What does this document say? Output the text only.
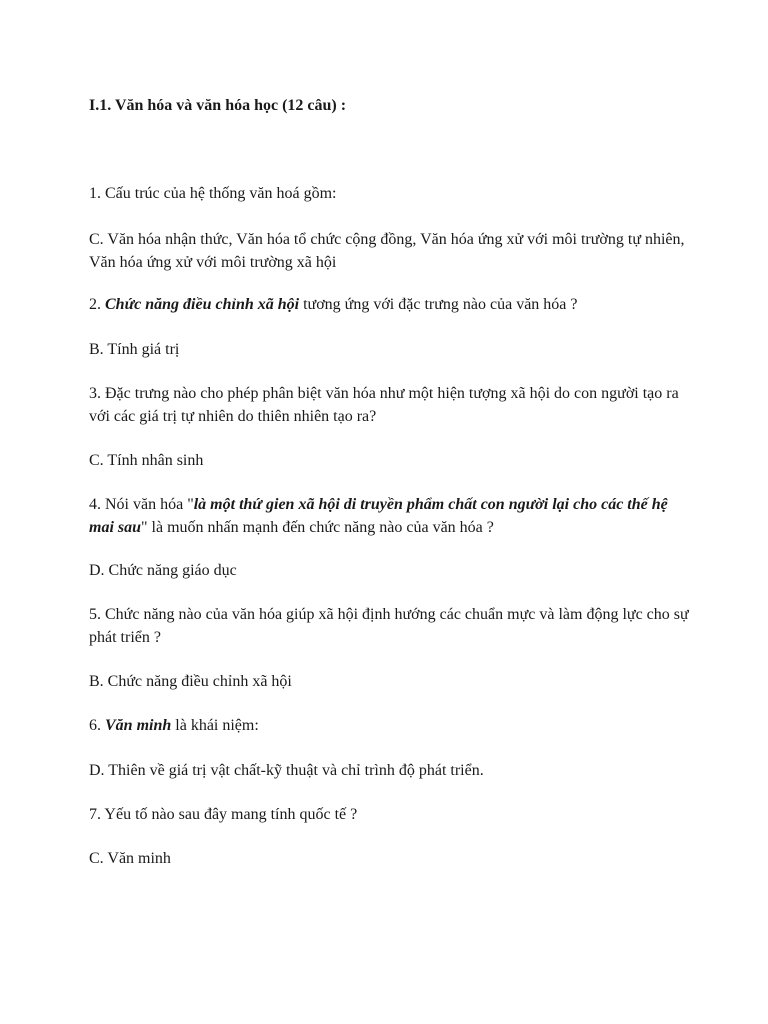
I.1. Văn hóa và văn hóa học (12 câu) :

1. Cấu trúc của hệ thống văn hoá gồm:

C. Văn hóa nhận thức, Văn hóa tổ chức cộng đồng, Văn hóa ứng xử với môi trường tự nhiên, Văn hóa ứng xử với môi trường xã hội

2. Chức năng điều chỉnh xã hội tương ứng với đặc trưng nào của văn hóa ?

B. Tính giá trị

3. Đặc trưng nào cho phép phân biệt văn hóa như một hiện tượng xã hội do con người tạo ra với các giá trị tự nhiên do thiên nhiên tạo ra?

C. Tính nhân sinh

4. Nói văn hóa "là một thứ gien xã hội di truyền phẩm chất con người lại cho các thế hệ mai sau" là muốn nhấn mạnh đến chức năng nào của văn hóa ?

D. Chức năng giáo dục

5. Chức năng nào của văn hóa giúp xã hội định hướng các chuẩn mực và làm động lực cho sự phát triển ?

B. Chức năng điều chỉnh xã hội

6. Văn minh là khái niệm:

D. Thiên về giá trị vật chất-kỹ thuật và chỉ trình độ phát triển.

7. Yếu tố nào sau đây mang tính quốc tế ?

C. Văn minh
